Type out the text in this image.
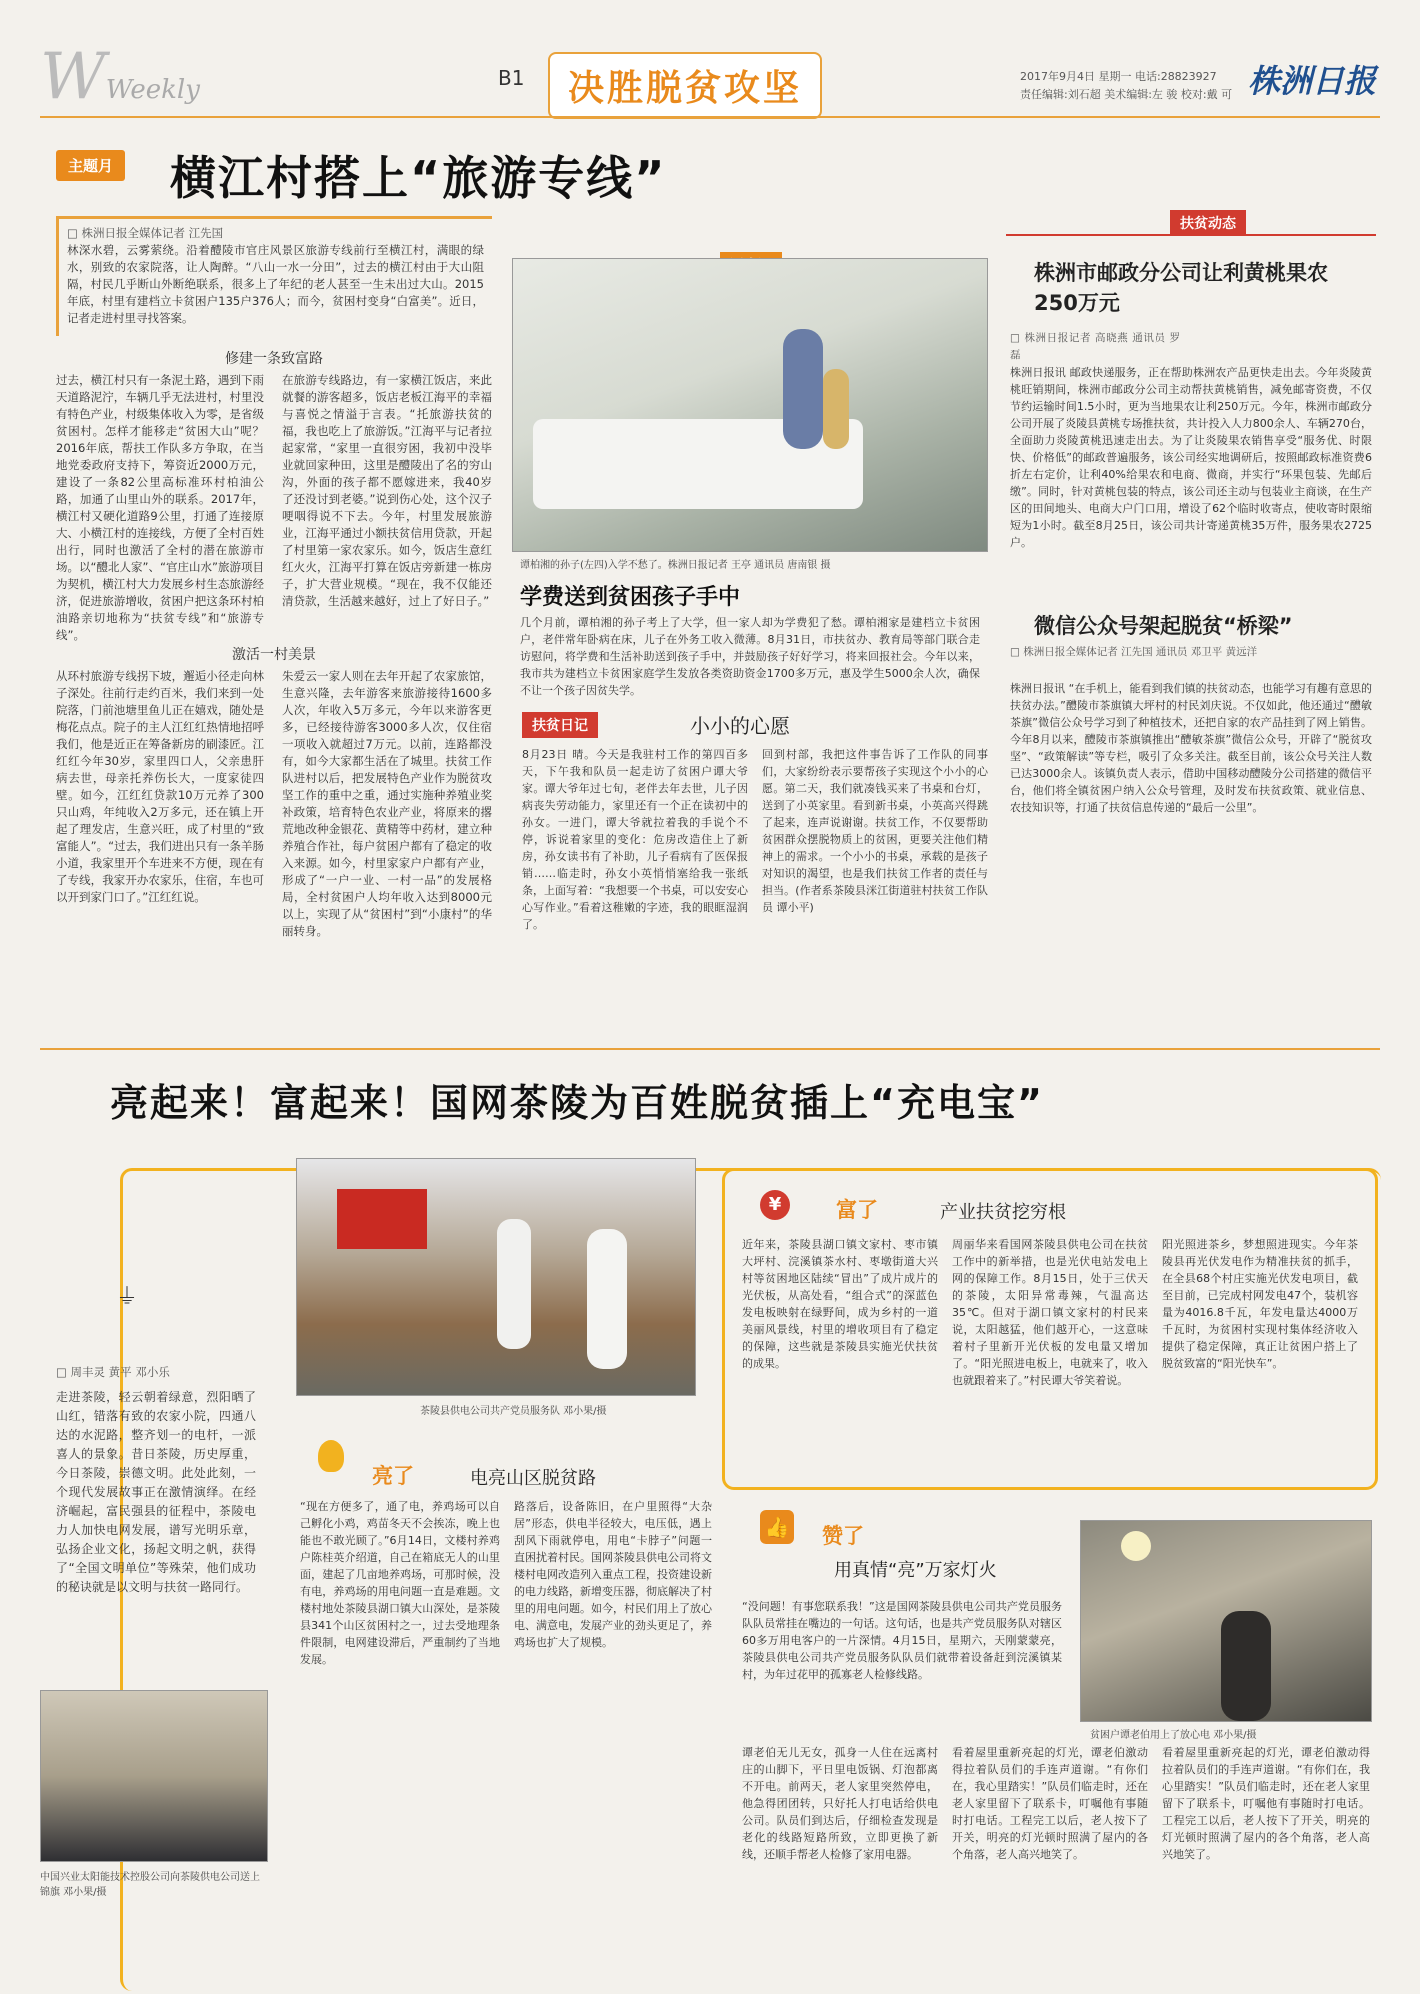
WWeekly	B1	决胜脱贫攻坚	2017年9月4日 星期一 电话:28823927
责任编辑:刘石超 美术编辑:左 骏 校对:戴 可 株洲日报
主题月 横江村搭上“旅游专线”
□ 株洲日报全媒体记者 江先国
林深水碧，云雾萦绕。沿着醴陵市官庄风景区旅游专线前行至横江村，满眼的绿水，别致的农家院落，让人陶醉。“八山一水一分田”，过去的横江村由于大山阻隔，村民几乎断山外断绝联系，很多上了年纪的老人甚至一生未出过大山。2015年底，村里有建档立卡贫困户135户376人；而今，贫困村变身“白富美”。近日，记者走进村里寻找答案。
修建一条致富路
过去，横江村只有一条泥土路，遇到下雨天道路泥泞，车辆几乎无法进村，村里没有特色产业，村级集体收入为零，是省级贫困村。怎样才能移走“贫困大山”呢？2016年底，帮扶工作队多方争取，在当地党委政府支持下，筹资近2000万元，建设了一条82公里高标准环村柏油公路，加通了山里山外的联系。2017年，横江村又硬化道路9公里，打通了连接原大、小横江村的连接线，方便了全村百姓出行，同时也激活了全村的潜在旅游市场。以“醴北人家”、“官庄山水”旅游项目为契机，横江村大力发展乡村生态旅游经济，促进旅游增收，贫困户把这条环村柏油路亲切地称为“扶贫专线”和“旅游专线”。
在旅游专线路边，有一家横江饭店，来此就餐的游客超多，饭店老板江海平的幸福与喜悦之情溢于言表。“托旅游扶贫的福，我也吃上了旅游饭。”江海平与记者拉起家常，“家里一直很穷困，我初中没毕业就回家种田，这里是醴陵出了名的穷山沟，外面的孩子都不愿嫁进来，我40岁了还没讨到老婆。”说到伤心处，这个汉子哽咽得说不下去。今年，村里发展旅游业，江海平通过小额扶贫信用贷款，开起了村里第一家农家乐。如今，饭店生意红红火火，江海平打算在饭店旁新建一栋房子，扩大营业规模。“现在，我不仅能还清贷款，生活越来越好，过上了好日子。”
激活一村美景
从环村旅游专线拐下坡，邂逅小径走向林子深处。往前行走约百米，我们来到一处院落，门前池塘里鱼儿正在嬉戏，随处是梅花点点。院子的主人江红红热情地招呼我们，他是近正在筹备新房的刷漆匠。江红红今年30岁，家里四口人，父亲患肝病去世，母亲托养伤长大，一度家徒四壁。如今，江红红贷款10万元养了300只山鸡，年纯收入2万多元，还在镇上开起了理发店，生意兴旺，成了村里的“致富能人”。“过去，我们进出只有一条羊肠小道，我家里开个车进来不方便，现在有了专线，我家开办农家乐，住宿，车也可以开到家门口了。”江红红说。
朱爱云一家人则在去年开起了农家旅馆，生意兴隆，去年游客来旅游接待1600多人次，年收入5万多元，今年以来游客更多，已经接待游客3000多人次，仅住宿一项收入就超过7万元。以前，连路都没有，如今大家都生活在了城里。扶贫工作队进村以后，把发展特色产业作为脱贫攻坚工作的重中之重，通过实施种养殖业奖补政策，培育特色农业产业，将原来的撂荒地改种金银花、黄精等中药材，建立种养殖合作社，每户贫困户都有了稳定的收入来源。如今，村里家家户户都有产业，形成了“一户一业、一村一品”的发展格局，全村贫困户人均年收入达到8000元以上，实现了从“贫困村”到“小康村”的华丽转身。
谭柏湘的孙子(左四)入学不愁了。株洲日报记者 王亭 通讯员 唐南银 摄
学费送到贫困孩子手中
几个月前，谭柏湘的孙子考上了大学，但一家人却为学费犯了愁。谭柏湘家是建档立卡贫困户，老伴常年卧病在床，儿子在外务工收入微薄。8月31日，市扶贫办、教育局等部门联合走访慰问，将学费和生活补助送到孩子手中，并鼓励孩子好好学习，将来回报社会。今年以来，我市共为建档立卡贫困家庭学生发放各类资助资金1700多万元，惠及学生5000余人次，确保不让一个孩子因贫失学。
扶贫日记	小小的心愿
8月23日 晴。今天是我驻村工作的第四百多天，下午我和队员一起走访了贫困户谭大爷家。谭大爷年过七旬，老伴去年去世，儿子因病丧失劳动能力，家里还有一个正在读初中的孙女。一进门，谭大爷就拉着我的手说个不停，诉说着家里的变化：危房改造住上了新房，孙女读书有了补助，儿子看病有了医保报销……临走时，孙女小英悄悄塞给我一张纸条，上面写着：“我想要一个书桌，可以安安心心写作业。”看着这稚嫩的字迹，我的眼眶湿润了。
回到村部，我把这件事告诉了工作队的同事们，大家纷纷表示要帮孩子实现这个小小的心愿。第二天，我们就凑钱买来了书桌和台灯，送到了小英家里。看到新书桌，小英高兴得跳了起来，连声说谢谢。扶贫工作，不仅要帮助贫困群众摆脱物质上的贫困，更要关注他们精神上的需求。一个小小的书桌，承载的是孩子对知识的渴望，也是我们扶贫工作者的责任与担当。(作者系茶陵县洣江街道驻村扶贫工作队员 谭小平)
扶贫动态
株洲市邮政分公司让利黄桃果农250万元
□ 株洲日报记者 高晓燕 通讯员 罗磊
株洲日报讯 邮政快递服务，正在帮助株洲农产品更快走出去。今年炎陵黄桃旺销期间，株洲市邮政分公司主动帮扶黄桃销售，减免邮寄资费，不仅节约运输时间1.5小时，更为当地果农让利250万元。今年，株洲市邮政分公司开展了炎陵县黄桃专场推扶贫，共计投入人力800余人、车辆270台，全面助力炎陵黄桃迅速走出去。为了让炎陵果农销售享受“服务优、时限快、价格低”的邮政普遍服务，该公司经实地调研后，按照邮政标准资费6折左右定价，让利40%给果农和电商、微商，并实行“环果包装、先邮后缴”。同时，针对黄桃包装的特点，该公司还主动与包装业主商谈，在生产区的田间地头、电商大户门口用，增设了62个临时收寄点，使收寄时限缩短为1小时。截至8月25日，该公司共计寄递黄桃35万件，服务果农2725户。
微信公众号架起脱贫“桥梁”
□ 株洲日报全媒体记者 江先国 通讯员 邓卫平 黄远洋
株洲日报讯 “在手机上，能看到我们镇的扶贫动态，也能学习有趣有意思的扶贫办法。”醴陵市茶旗镇大坪村的村民刘庆说。不仅如此，他还通过“醴敏茶旗”微信公众号学习到了种植技术，还把自家的农产品挂到了网上销售。今年8月以来，醴陵市茶旗镇推出“醴敏茶旗”微信公众号，开辟了“脱贫攻坚”、“政策解读”等专栏，吸引了众多关注。截至目前，该公众号关注人数已达3000余人。该镇负责人表示，借助中国移动醴陵分公司搭建的微信平台，他们将全镇贫困户纳入公众号管理，及时发布扶贫政策、就业信息、农技知识等，打通了扶贫信息传递的“最后一公里”。
亮起来！富起来！国网茶陵为百姓脱贫插上“充电宝”
⏚
□ 周丰灵 黄平 邓小乐
走进茶陵，轻云朝着绿意，烈阳晒了山红，错落有致的农家小院，四通八达的水泥路，整齐划一的电杆，一派喜人的景象。昔日茶陵，历史厚重，今日茶陵，崇德文明。此处此刻，一个现代发展故事正在激情演绎。在经济崛起，富民强县的征程中，茶陵电力人加快电网发展，谱写光明乐章，弘扬企业文化，扬起文明之帆，获得了“全国文明单位”等殊荣，他们成功的秘诀就是以文明与扶贫一路同行。
中国兴业太阳能技术控股公司向茶陵供电公司送上锦旗 邓小果/摄
茶陵县供电公司共产党员服务队 邓小果/摄
¥	富了	产业扶贫挖穷根
近年来，茶陵县湖口镇文家村、枣市镇大坪村、浣溪镇茶水村、枣墩街道大兴村等贫困地区陆续“冒出”了成片成片的光伏板，从高处看，“组合式”的深蓝色发电板映射在绿野间，成为乡村的一道美丽风景线，村里的增收项目有了稳定的保障，这些就是茶陵县实施光伏扶贫的成果。
周丽华来看国网茶陵县供电公司在扶贫工作中的新举措，也是光伏电站发电上网的保障工作。8月15日，处于三伏天的茶陵，太阳异常毒辣，气温高达35℃。但对于湖口镇文家村的村民来说，太阳越猛，他们越开心，一这意味着村子里新开光伏板的发电量又增加了。“阳光照进电板上，电就来了，收入也就跟着来了。”村民谭大爷笑着说。
阳光照进茶乡，梦想照进现实。今年茶陵县再光伏发电作为精准扶贫的抓手，在全县68个村庄实施光伏发电项目，截至目前，已完成村网发电47个，装机容量为4016.8千瓦，年发电量达4000万千瓦时，为贫困村实现村集体经济收入提供了稳定保障，真正让贫困户搭上了脱贫致富的“阳光快车”。
亮了	电亮山区脱贫路
“现在方便多了，通了电，养鸡场可以自己孵化小鸡，鸡苗冬天不会挨冻，晚上也能也不敢光顾了。”6月14日，文楼村养鸡户陈桂英介绍道，自己在箱底无人的山里面，建起了几亩地养鸡场，可那时候，没有电，养鸡场的用电问题一直是难题。文楼村地处茶陵县湖口镇大山深处，是茶陵县341个山区贫困村之一，过去受地理条件限制，电网建设滞后，严重制约了当地发展。
路落后，设备陈旧，在户里照得“大杂居”形态，供电半径较大，电压低，遇上刮风下雨就停电，用电“卡脖子”问题一直困扰着村民。国网茶陵县供电公司将文楼村电网改造列入重点工程，投资建设新的电力线路，新增变压器，彻底解决了村里的用电问题。如今，村民们用上了放心电、满意电，发展产业的劲头更足了，养鸡场也扩大了规模。
👍 赞了
用真情“亮”万家灯火
“没问题！有事您联系我！”这是国网茶陵县供电公司共产党员服务队队员常挂在嘴边的一句话。这句话，也是共产党员服务队对辖区60多万用电客户的一片深情。4月15日，星期六，天刚蒙蒙亮，茶陵县供电公司共产党员服务队队员们就带着设备赶到浣溪镇某村，为年过花甲的孤寡老人检修线路。
贫困户谭老伯用上了放心电 邓小果/摄
谭老伯无儿无女，孤身一人住在远离村庄的山脚下，平日里电饭锅、灯泡都离不开电。前两天，老人家里突然停电，他急得团团转，只好托人打电话给供电公司。队员们到达后，仔细检查发现是老化的线路短路所致，立即更换了新线，还顺手帮老人检修了家用电器。
看着屋里重新亮起的灯光，谭老伯激动得拉着队员们的手连声道谢。“有你们在，我心里踏实！”队员们临走时，还在老人家里留下了联系卡，叮嘱他有事随时打电话。工程完工以后，老人按下了开关，明亮的灯光顿时照满了屋内的各个角落，老人高兴地笑了。
看着屋里重新亮起的灯光，谭老伯激动得拉着队员们的手连声道谢。“有你们在，我心里踏实！”队员们临走时，还在老人家里留下了联系卡，叮嘱他有事随时打电话。工程完工以后，老人按下了开关，明亮的灯光顿时照满了屋内的各个角落，老人高兴地笑了。
